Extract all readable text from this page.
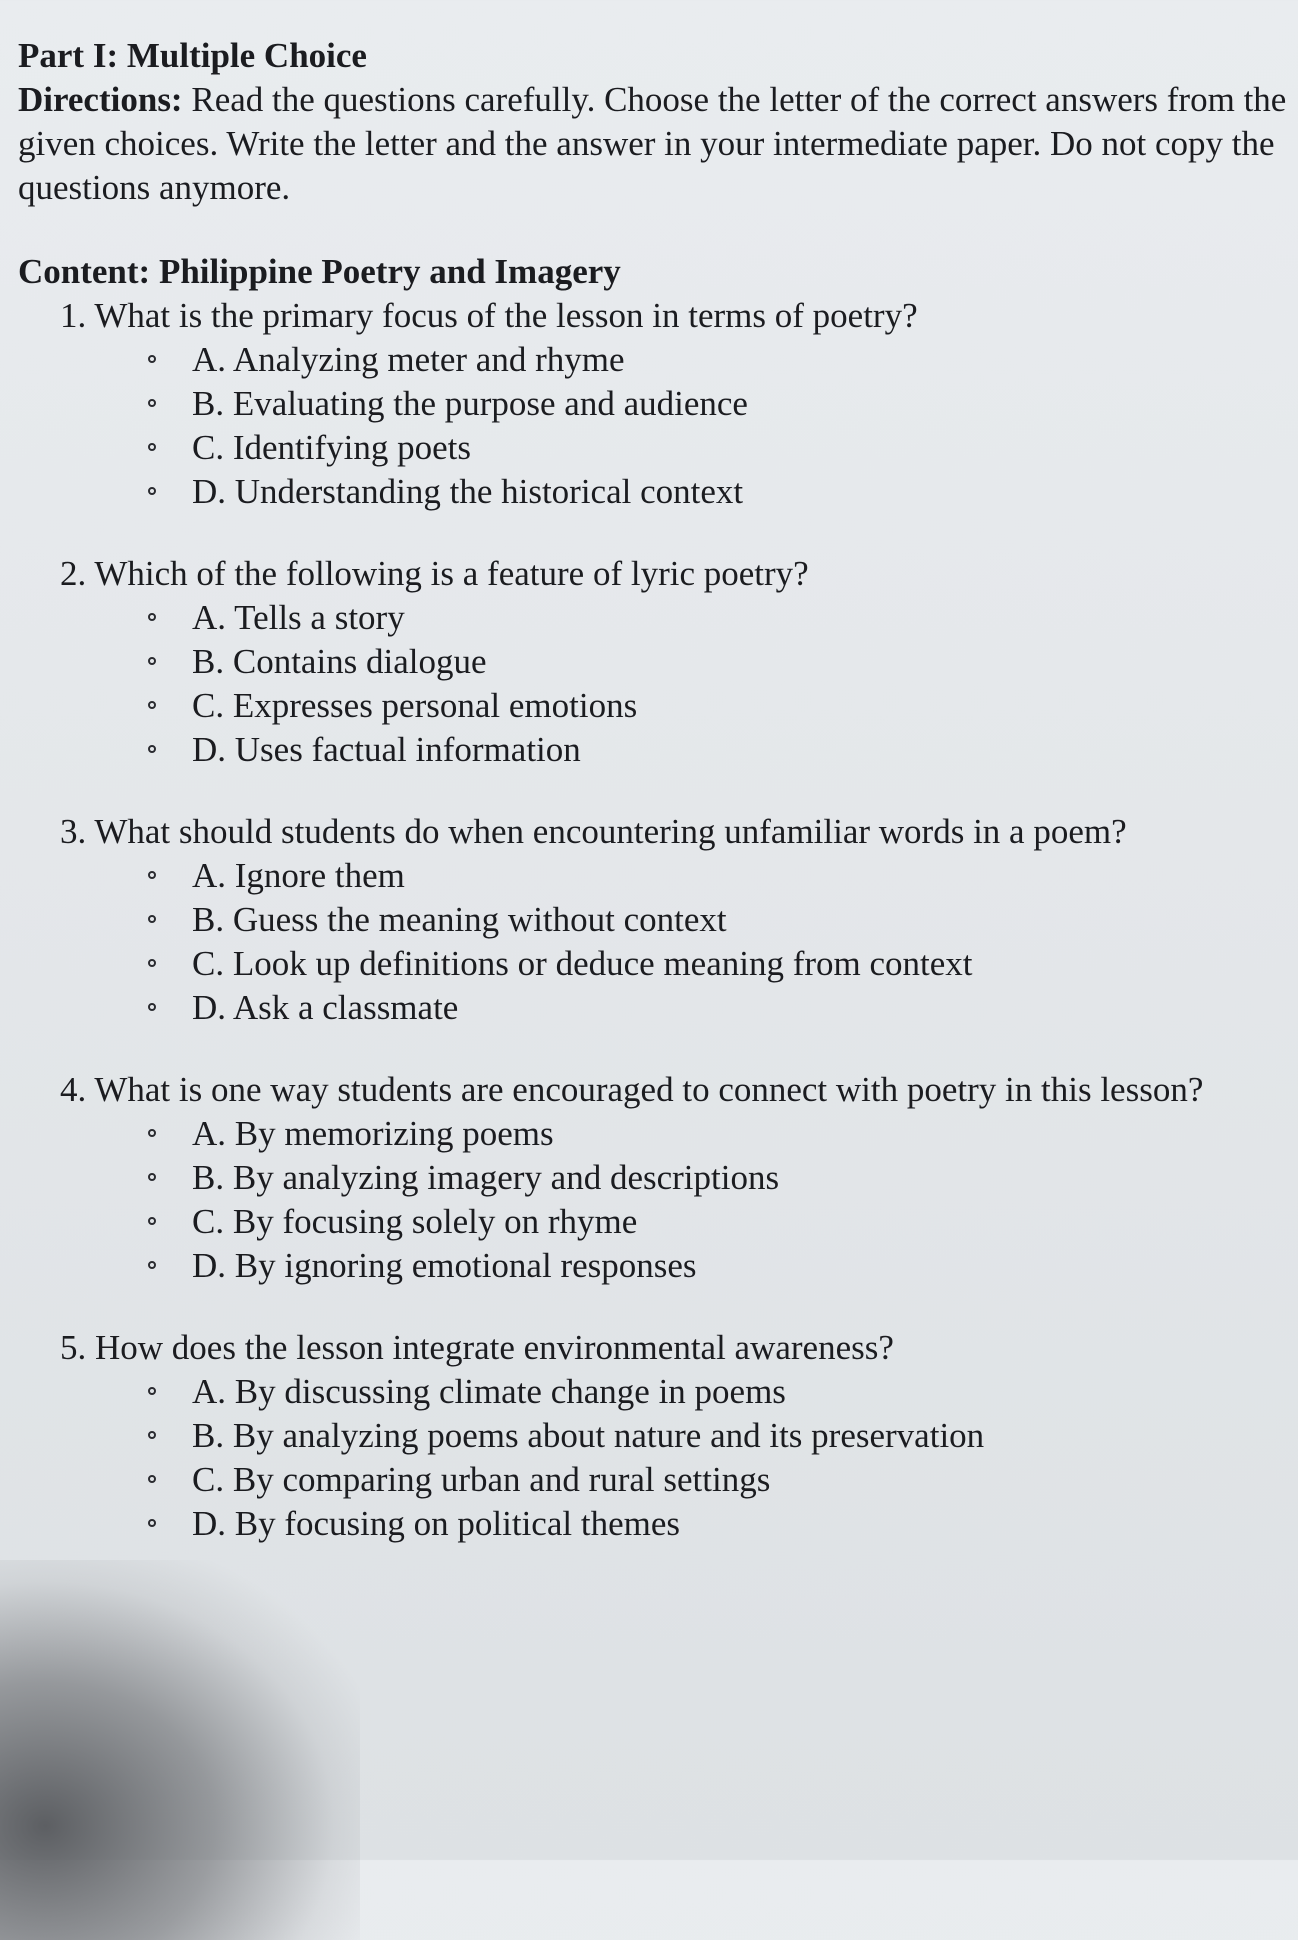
Part I: Multiple Choice

Directions: Read the questions carefully. Choose the letter of the correct answers from the given choices. Write the letter and the answer in your intermediate paper. Do not copy the questions anymore.

Content: Philippine Poetry and Imagery

1. What is the primary focus of the lesson in terms of poetry?

A. Analyzing meter and rhyme
B. Evaluating the purpose and audience
C. Identifying poets
D. Understanding the historical context

2. Which of the following is a feature of lyric poetry?

A. Tells a story
B. Contains dialogue
C. Expresses personal emotions
D. Uses factual information

3. What should students do when encountering unfamiliar words in a poem?

A. Ignore them
B. Guess the meaning without context
C. Look up definitions or deduce meaning from context
D. Ask a classmate

4. What is one way students are encouraged to connect with poetry in this lesson?

A. By memorizing poems
B. By analyzing imagery and descriptions
C. By focusing solely on rhyme
D. By ignoring emotional responses

5. How does the lesson integrate environmental awareness?

A. By discussing climate change in poems
B. By analyzing poems about nature and its preservation
C. By comparing urban and rural settings
D. By focusing on political themes
